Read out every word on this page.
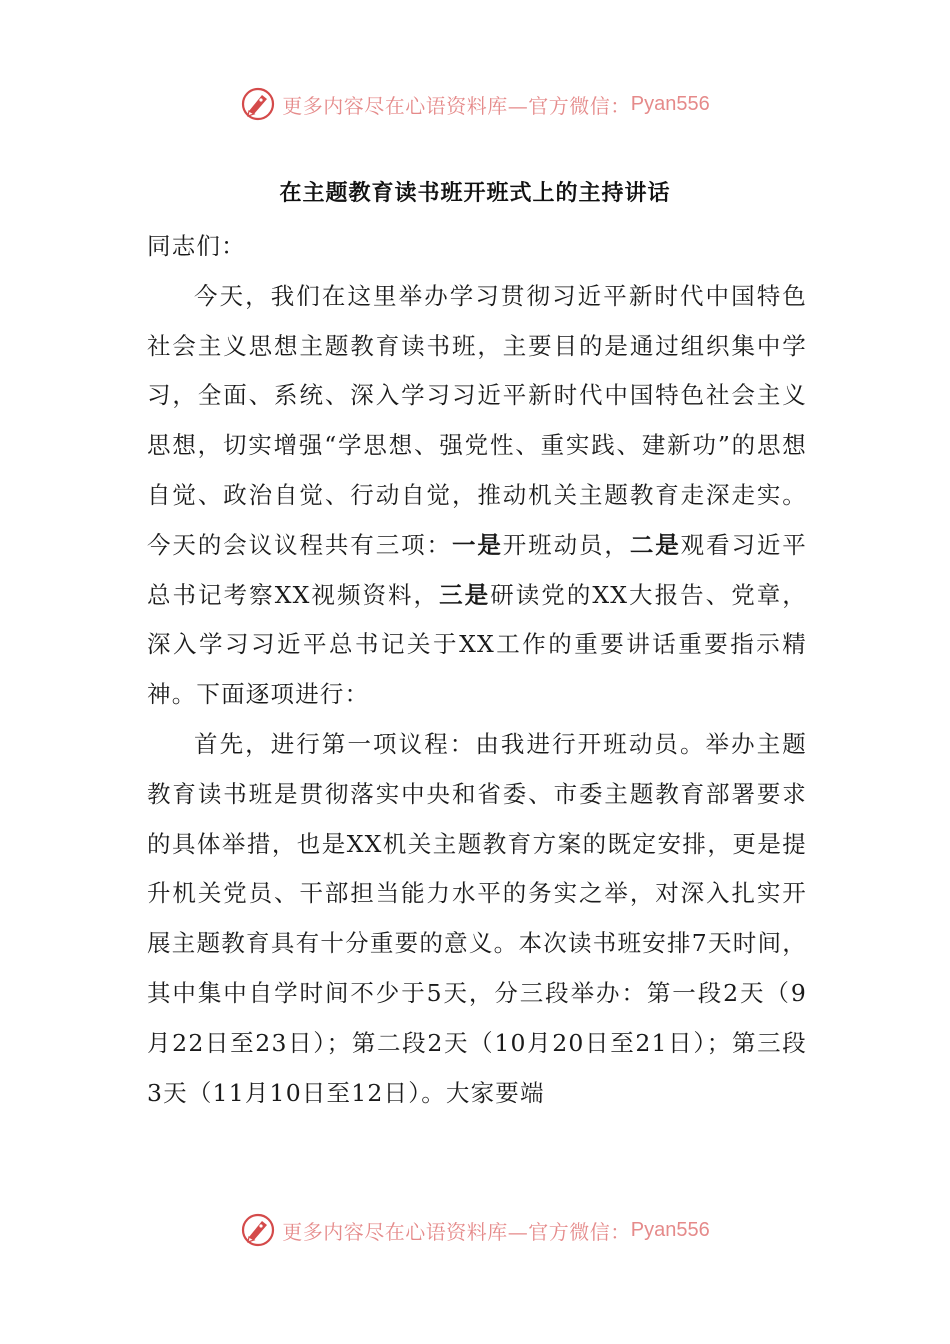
更多内容尽在心语资料库—官方微信： Pyan556
在主题教育读书班开班式上的主持讲话

同志们：

今天，我们在这里举办学习贯彻习近平新时代中国特色社会主义思想主题教育读书班，主要目的是通过组织集中学习，全面、系统、深入学习习近平新时代中国特色社会主义思想，切实增强“学思想、强党性、重实践、建新功”的思想自觉、政治自觉、行动自觉，推动机关主题教育走深走实。今天的会议议程共有三项：一是开班动员，二是观看习近平总书记考察XX视频资料，三是研读党的XX大报告、党章，深入学习习近平总书记关于XX工作的重要讲话重要指示精神。下面逐项进行：

首先，进行第一项议程：由我进行开班动员。举办主题教育读书班是贯彻落实中央和省委、市委主题教育部署要求的具体举措，也是XX机关主题教育方案的既定安排，更是提升机关党员、干部担当能力水平的务实之举，对深入扎实开展主题教育具有十分重要的意义。本次读书班安排7天时间，其中集中自学时间不少于5天，分三段举办：第一段2天（9月22日至23日）；第二段2天（10月20日至21日）；第三段3天（11月10日至12日）。大家要端

更多内容尽在心语资料库—官方微信： Pyan556
